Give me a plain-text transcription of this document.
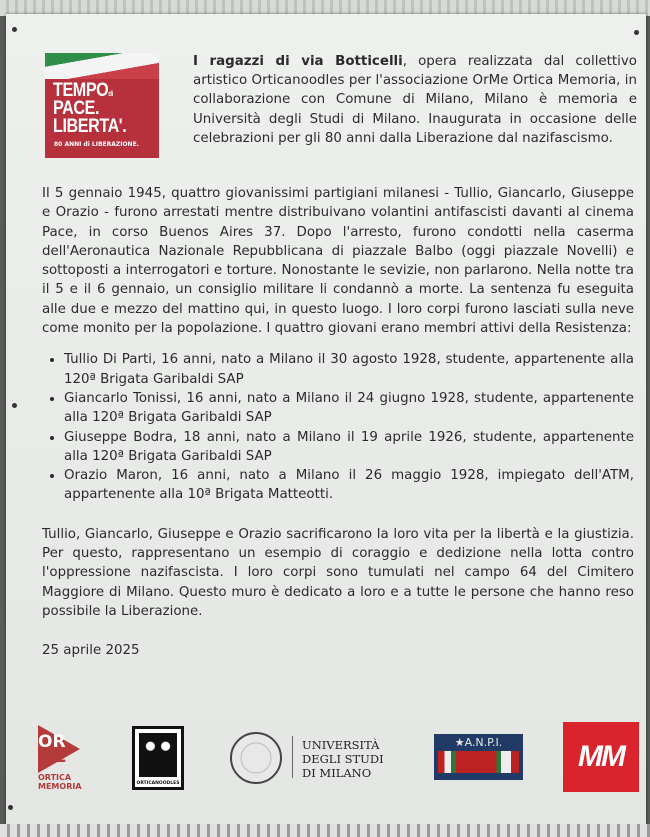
TEMPOdi
PACE.
LIBERTA'.
80 ANNI di LIBERAZIONE.
I ragazzi di via Botticelli, opera realizzata dal collettivo artistico Orticanoodles per l'associazione OrMe Ortica Memoria, in collaborazione con Comune di Milano, Milano è memoria e Università degli Studi di Milano. Inaugurata in occasione delle celebrazioni per gli 80 anni dalla Liberazione dal nazifascismo.

Il 5 gennaio 1945, quattro giovanissimi partigiani milanesi - Tullio, Giancarlo, Giuseppe e Orazio - furono arrestati mentre distribuivano volantini antifascisti davanti al cinema Pace, in corso Buenos Aires 37. Dopo l'arresto, furono condotti nella caserma dell'Aeronautica Nazionale Repubblicana di piazzale Balbo (oggi piazzale Novelli) e sottoposti a interrogatori e torture. Nonostante le sevizie, non parlarono. Nella notte tra il 5 e il 6 gennaio, un consiglio militare li condannò a morte. La sentenza fu eseguita alle due e mezzo del mattino qui, in questo luogo. I loro corpi furono lasciati sulla neve come monito per la popolazione. I quattro giovani erano membri attivi della Resistenza:

• Tullio Di Parti, 16 anni, nato a Milano il 30 agosto 1928, studente, appartenente alla 120ª Brigata Garibaldi SAP
• Giancarlo Tonissi, 16 anni, nato a Milano il 24 giugno 1928, studente, appartenente alla 120ª Brigata Garibaldi SAP
• Giuseppe Bodra, 18 anni, nato a Milano il 19 aprile 1926, studente, appartenente alla 120ª Brigata Garibaldi SAP
• Orazio Maron, 16 anni, nato a Milano il 26 maggio 1928, impiegato dell'ATM, appartenente alla 10ª Brigata Matteotti.

Tullio, Giancarlo, Giuseppe e Orazio sacrificarono la loro vita per la libertà e la giustizia. Per questo, rappresentano un esempio di coraggio e dedizione nella lotta contro l'oppressione nazifascista. I loro corpi sono tumulati nel campo 64 del Cimitero Maggiore di Milano. Questo muro è dedicato a loro e a tutte le persone che hanno reso possibile la Liberazione.

25 aprile 2025

OR
ME
ORTICA
MEMORIA	ORTICANOODLES
UNIVERSITÀ
DEGLI STUDI
DI MILANO
★A.N.P.I.	MM
